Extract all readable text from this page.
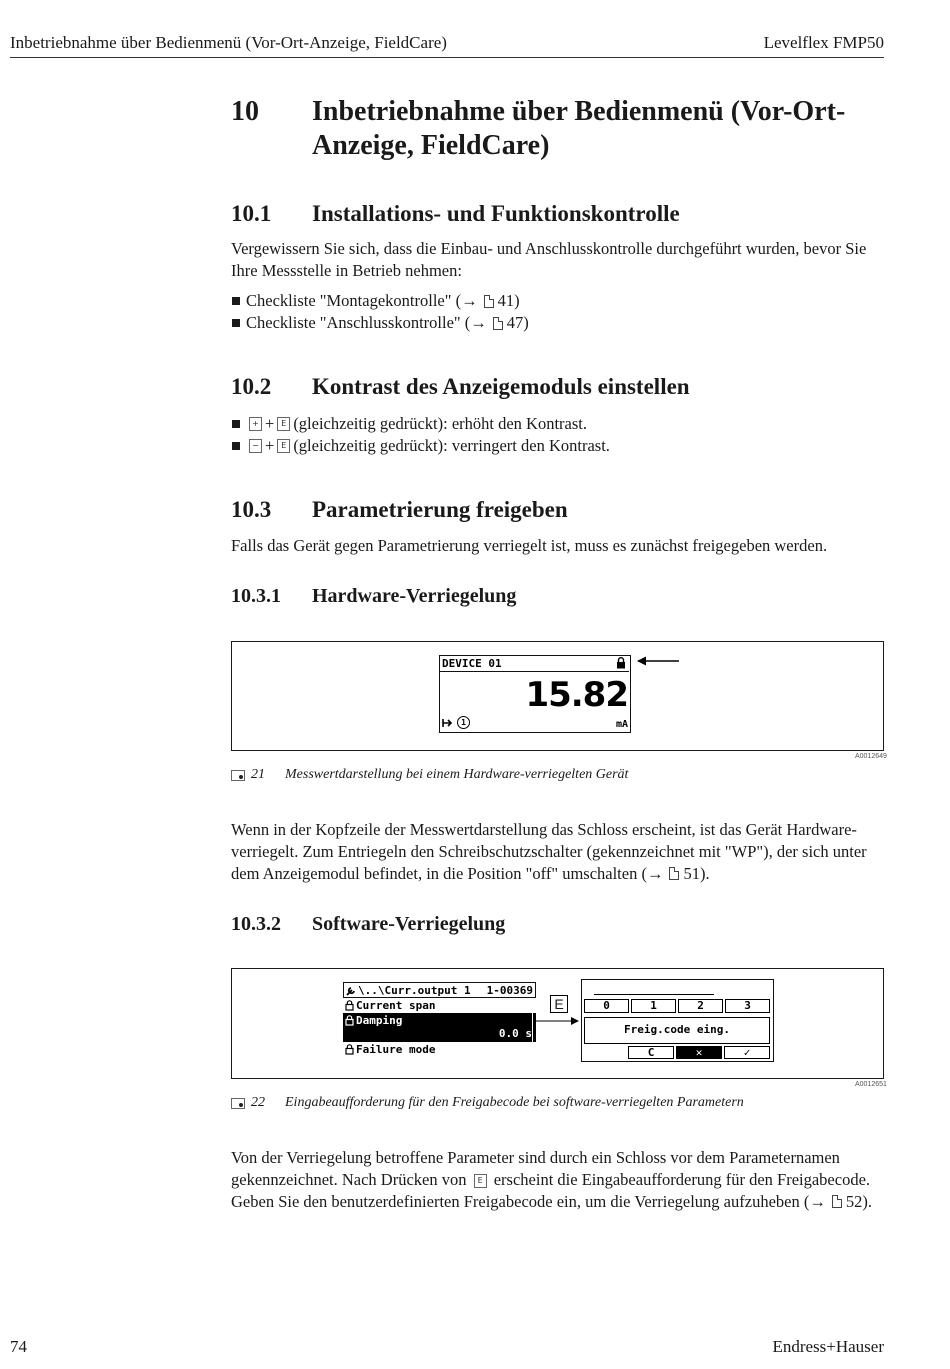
Inbetriebnahme über Bedienmenü (Vor-Ort-Anzeige, FieldCare)	Levelflex FMP50
10 Inbetriebnahme über Bedienmenü (Vor-Ort-
Anzeige, FieldCare)
10.1 Installations- und Funktionskontrolle
Vergewissern Sie sich, dass die Einbau- und Anschlusskontrolle durchgeführt wurden, bevor Sie Ihre Messstelle in Betrieb nehmen:
Checkliste "Montagekontrolle" (→ 41)
Checkliste "Anschlusskontrolle" (→ 47)
10.2 Kontrast des Anzeigemoduls einstellen
+ + E (gleichzeitig gedrückt): erhöht den Kontrast.
− + E (gleichzeitig gedrückt): verringert den Kontrast.
10.3 Parametrierung freigeben
Falls das Gerät gegen Parametrierung verriegelt ist, muss es zunächst freigegeben werden.
10.3.1 Hardware-Verriegelung
DEVICE 01
15.82
1	mA
A0012649
21	Messwertdarstellung bei einem Hardware-verriegelten Gerät
Wenn in der Kopfzeile der Messwertdarstellung das Schloss erscheint, ist das Gerät Hardware-verriegelt. Zum Entriegeln den Schreibschutzschalter (gekennzeichnet mit "WP"), der sich unter dem Anzeigemodul befindet, in die Position "off" umschalten (→ 51).
10.3.2 Software-Verriegelung
\..\Curr.output 1 1-00369
Current span
Damping
0.0 s
Failure mode
E	0	1	2	3
Freig.code eing.
C	✕	✓
A0012651
22	Eingabeaufforderung für den Freigabecode bei software-verriegelten Parametern
Von der Verriegelung betroffene Parameter sind durch ein Schloss vor dem Parameternamen gekennzeichnet. Nach Drücken von E erscheint die Eingabeaufforderung für den Freigabecode. Geben Sie den benutzerdefinierten Freigabecode ein, um die Verriegelung aufzuheben (→ 52).
74	Endress+Hauser
